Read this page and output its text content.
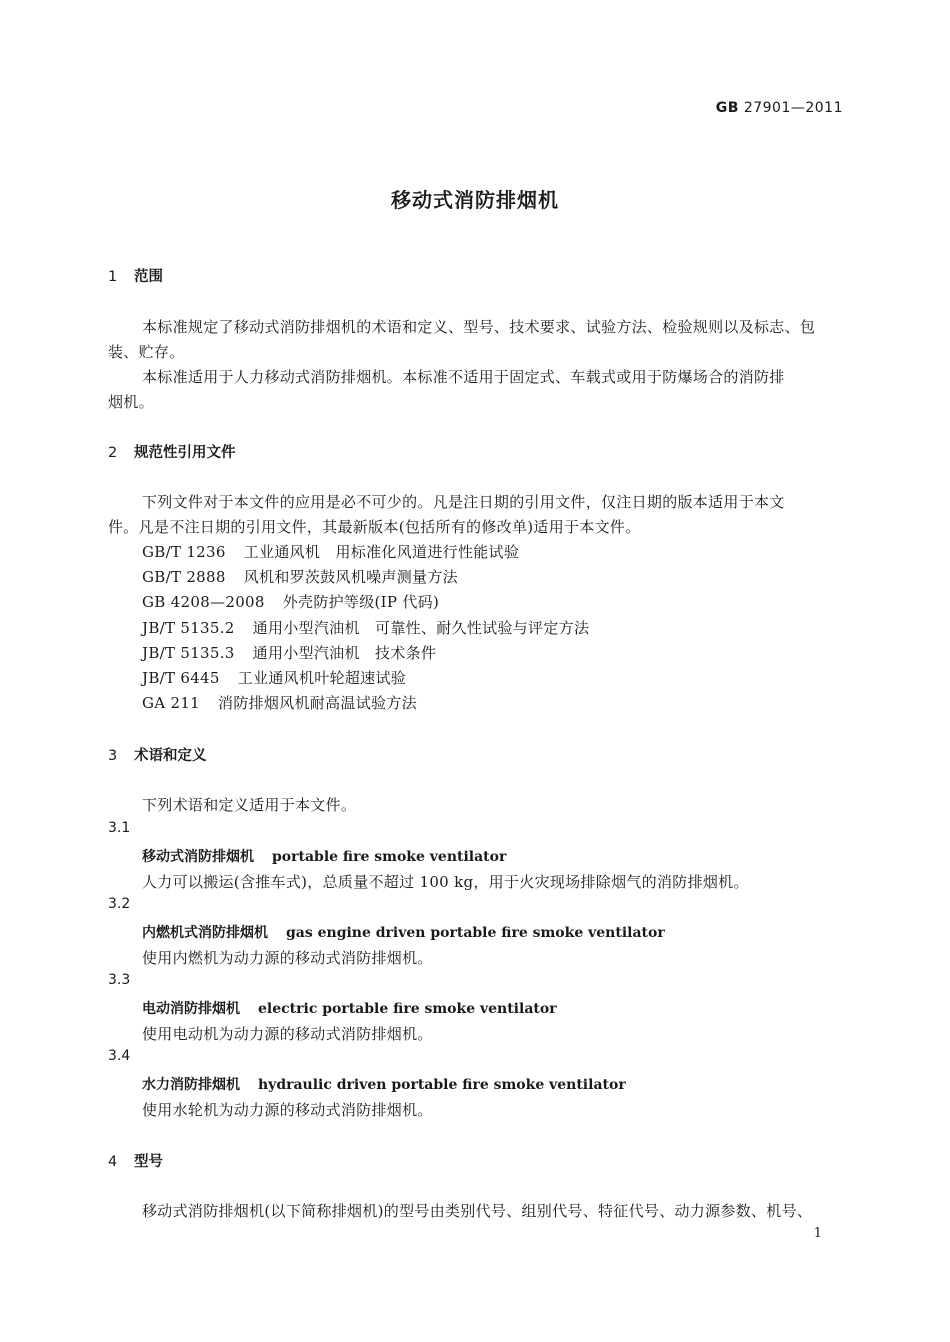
GB 27901—2011
移动式消防排烟机
1 范围
本标准规定了移动式消防排烟机的术语和定义、型号、技术要求、试验方法、检验规则以及标志、包
装、贮存。
本标准适用于人力移动式消防排烟机。本标准不适用于固定式、车载式或用于防爆场合的消防排
烟机。
2 规范性引用文件
下列文件对于本文件的应用是必不可少的。凡是注日期的引用文件，仅注日期的版本适用于本文
件。凡是不注日期的引用文件，其最新版本(包括所有的修改单)适用于本文件。
GB/T 1236 工业通风机　用标准化风道进行性能试验
GB/T 2888 风机和罗茨鼓风机噪声测量方法
GB 4208—2008 外壳防护等级(IP 代码)
JB/T 5135.2 通用小型汽油机　可靠性、耐久性试验与评定方法
JB/T 5135.3 通用小型汽油机　技术条件
JB/T 6445 工业通风机叶轮超速试验
GA 211 消防排烟风机耐高温试验方法
3 术语和定义
下列术语和定义适用于本文件。
3.1
移动式消防排烟机 portable fire smoke ventilator
人力可以搬运(含推车式)，总质量不超过 100 kg，用于火灾现场排除烟气的消防排烟机。
3.2
内燃机式消防排烟机 gas engine driven portable fire smoke ventilator
使用内燃机为动力源的移动式消防排烟机。
3.3
电动消防排烟机 electric portable fire smoke ventilator
使用电动机为动力源的移动式消防排烟机。
3.4
水力消防排烟机 hydraulic driven portable fire smoke ventilator
使用水轮机为动力源的移动式消防排烟机。
4 型号
移动式消防排烟机(以下简称排烟机)的型号由类别代号、组别代号、特征代号、动力源参数、机号、
1
